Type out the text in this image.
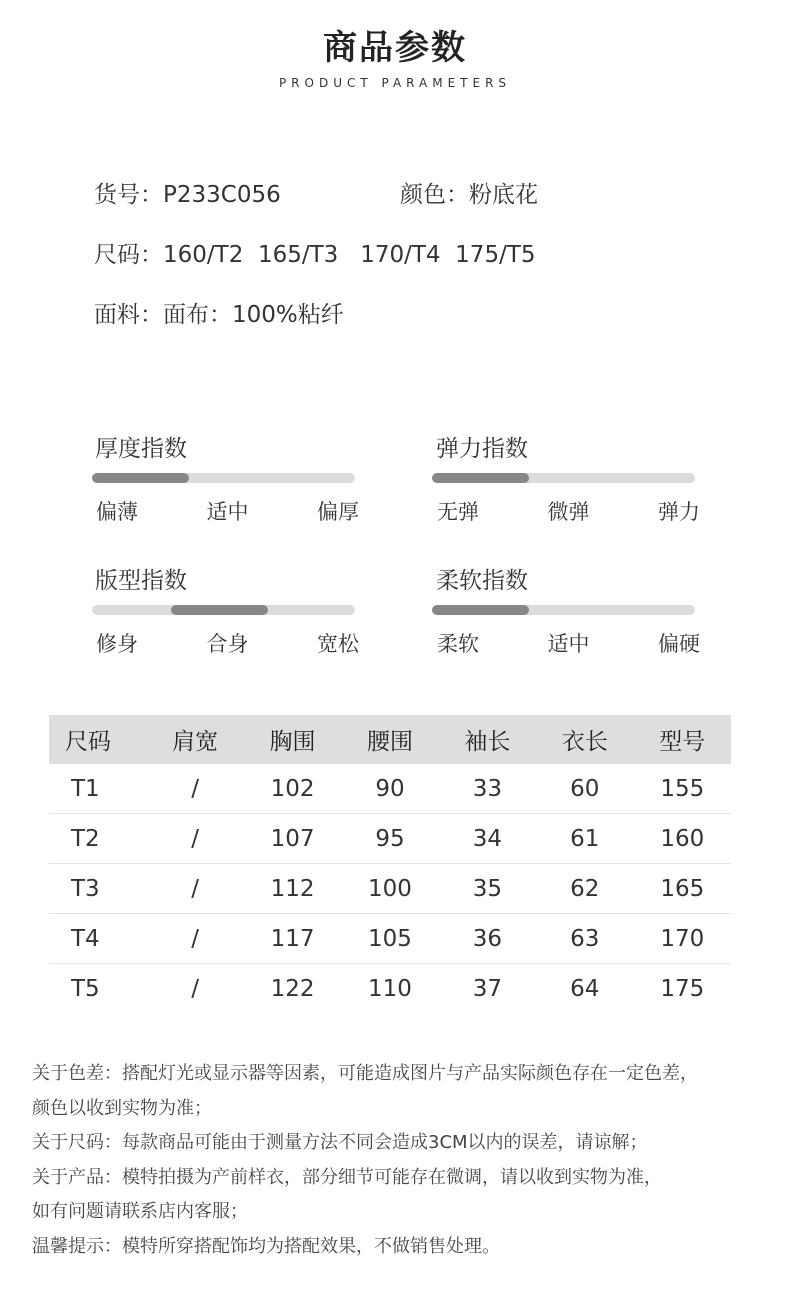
商品参数
PRODUCT PARAMETERS
货号：P233C056	颜色：粉底花
尺码：160/T2  165/T3   170/T4  175/T5
面料：面布：100%粘纤
厚度指数
偏薄	适中	偏厚
弹力指数
无弹	微弹	弹力
版型指数
修身	合身	宽松
柔软指数
柔软	适中	偏硬
尺码	肩宽	胸围	腰围	袖长	衣长	型号
T1	/	102	90	33	60	155
T2	/	107	95	34	61	160
T3	/	112	100	35	62	165
T4	/	117	105	36	63	170
T5	/	122	110	37	64	175
关于色差：搭配灯光或显示器等因素，可能造成图片与产品实际颜色存在一定色差，
颜色以收到实物为准；
关于尺码：每款商品可能由于测量方法不同会造成3CM以内的误差，请谅解；
关于产品：模特拍摄为产前样衣，部分细节可能存在微调，请以收到实物为准，
如有问题请联系店内客服；
温馨提示：模特所穿搭配饰均为搭配效果，不做销售处理。
